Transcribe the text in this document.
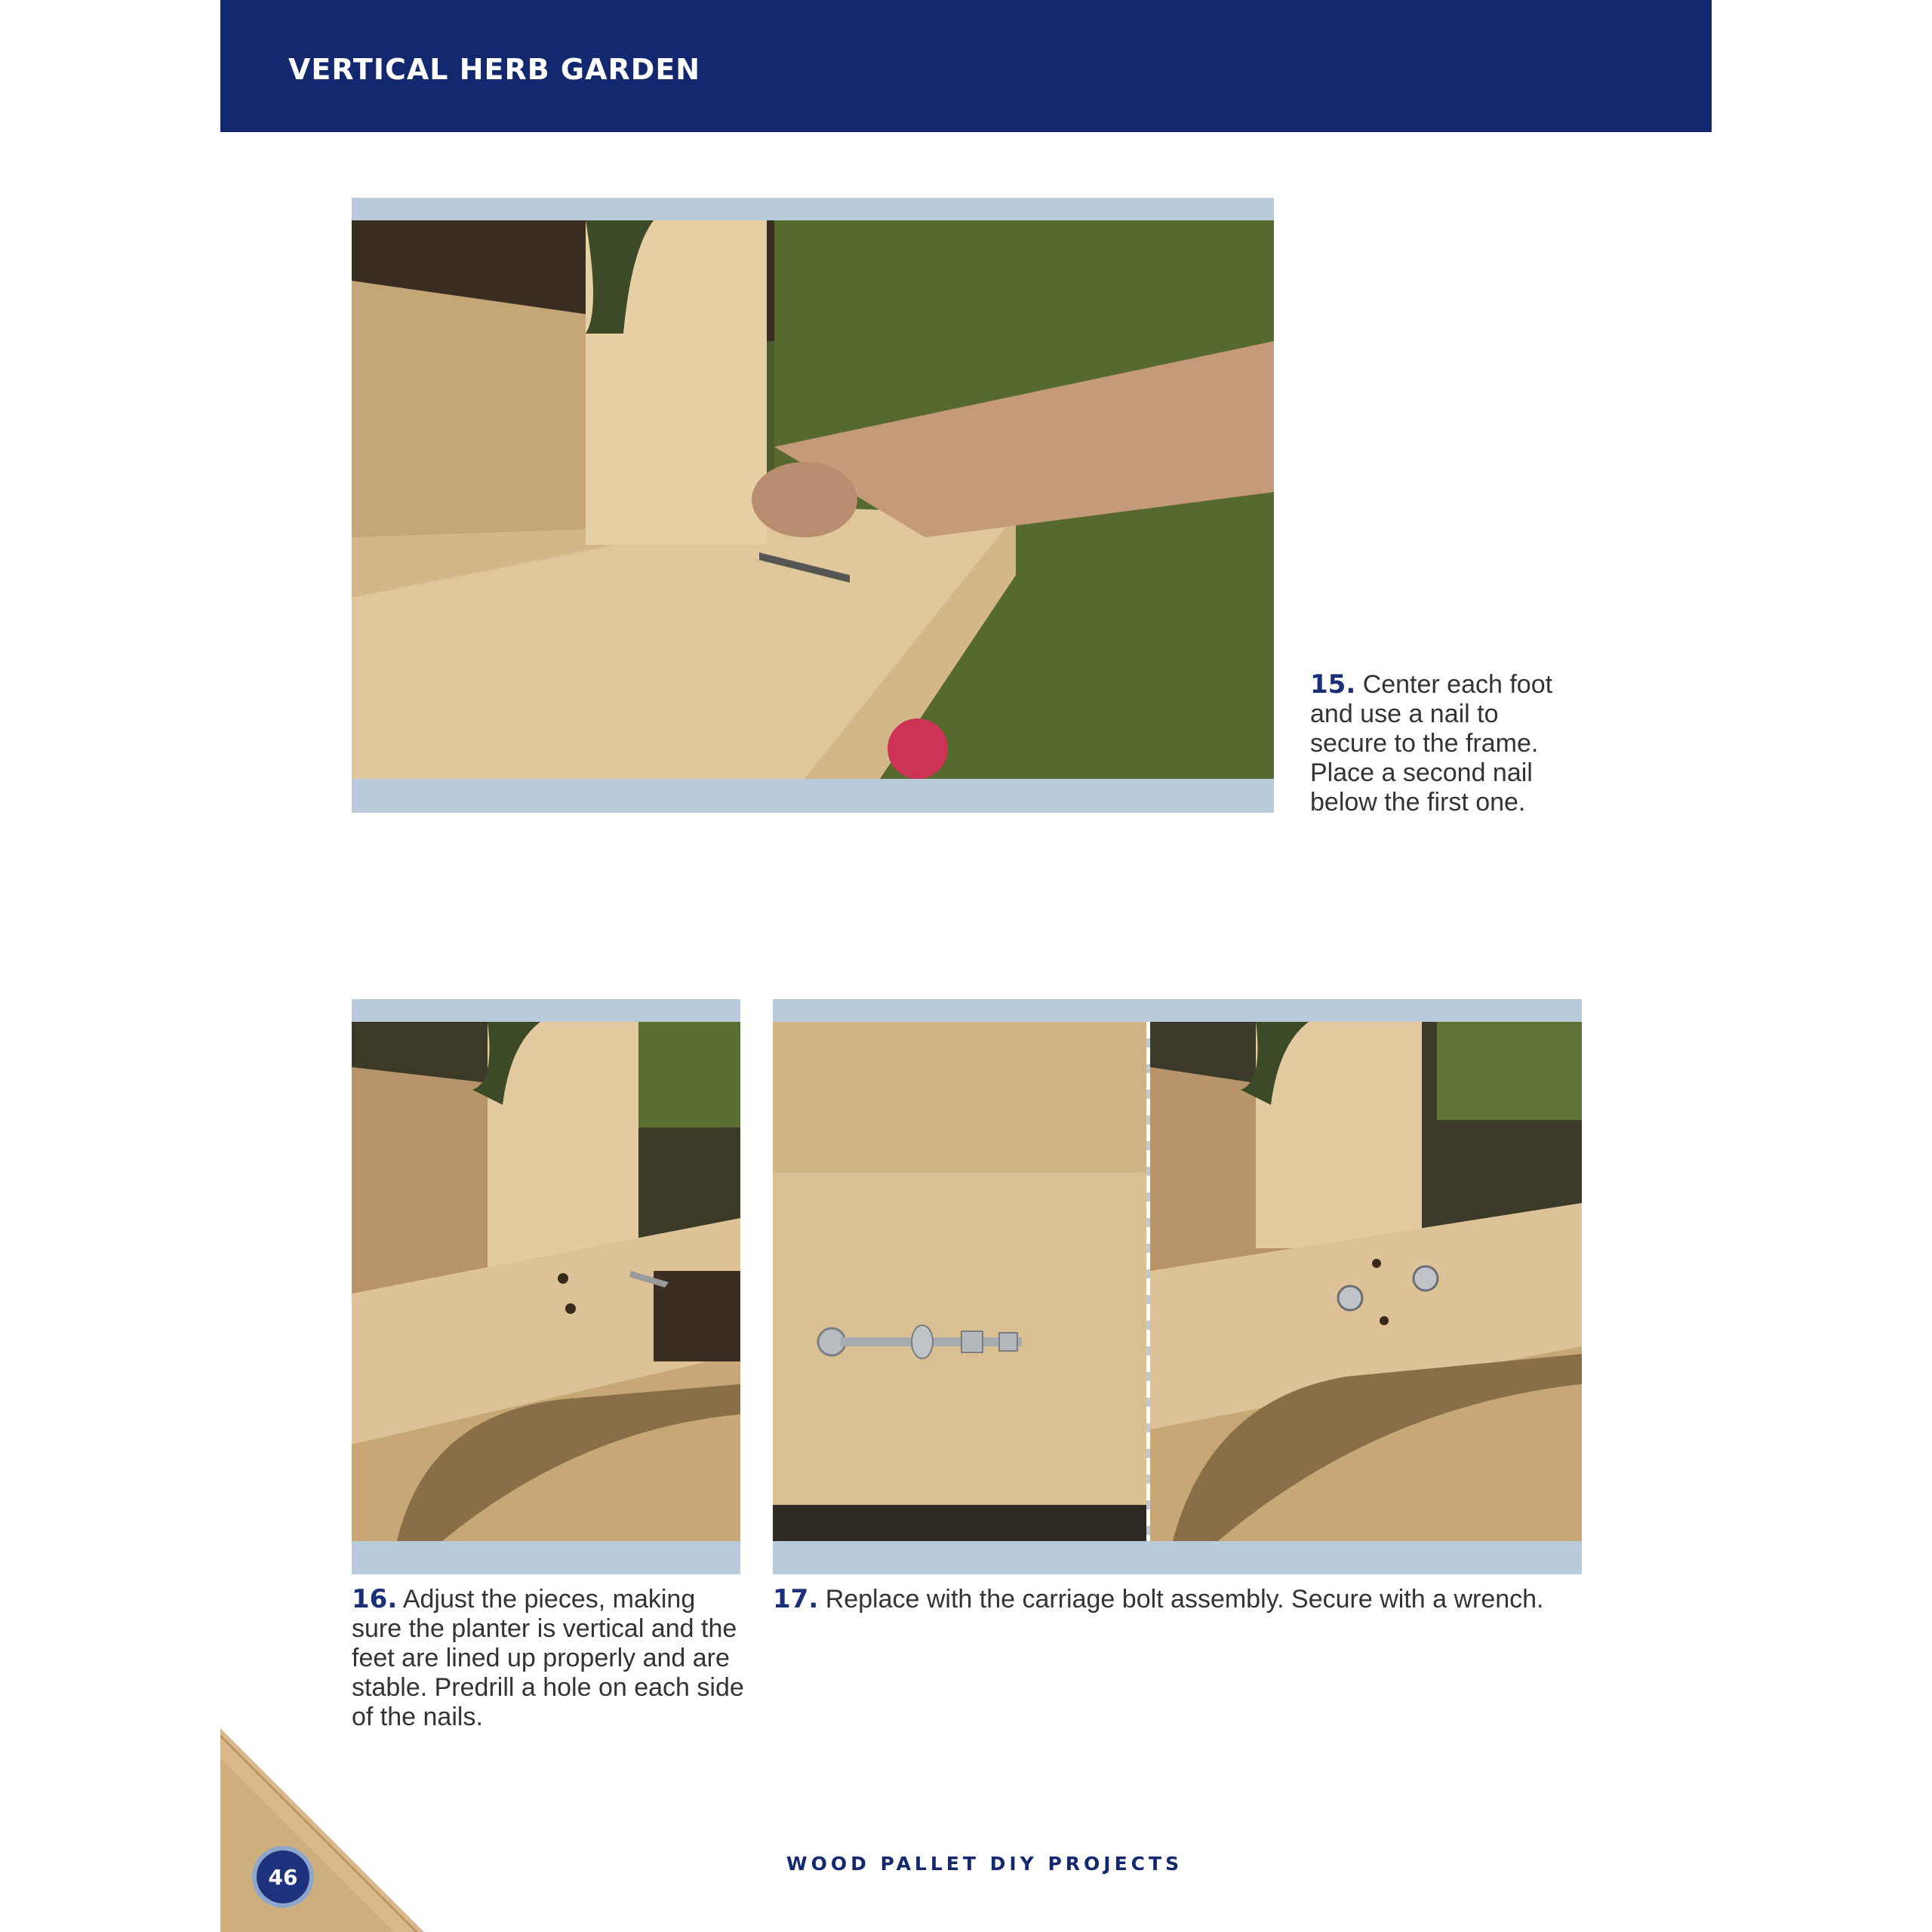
VERTICAL HERB GARDEN
15. Center each foot and use a nail to secure to the frame. Place a second nail below the first one.
16. Adjust the pieces, making sure the planter is vertical and the feet are lined up properly and are stable. Predrill a hole on each side of the nails.
17. Replace with the carriage bolt assembly. Secure with a wrench.
46
WOOD PALLET DIY PROJECTS
